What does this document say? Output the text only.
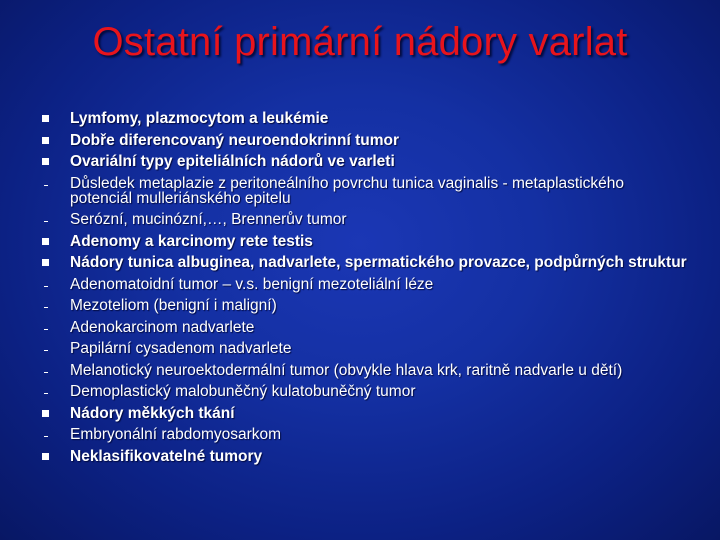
Ostatní primární nádory varlat
Lymfomy, plazmocytom a leukémie
Dobře diferencovaný neuroendokrinní tumor
Ovariální typy epiteliálních nádorů ve varleti
Důsledek metaplazie z peritoneálního povrchu tunica vaginalis - metaplastického potenciál mulleriánského epitelu
Serózní, mucinózní,…, Brennerův tumor
Adenomy a karcinomy rete testis
Nádory tunica albuginea, nadvarlete, spermatického provazce, podpůrných struktur
Adenomatoidní tumor – v.s. benigní mezoteliální léze
Mezoteliom (benigní i maligní)
Adenokarcinom nadvarlete
Papilární cysadenom nadvarlete
Melanotický neuroektodermální tumor (obvykle hlava krk, raritně nadvarle u dětí)
Demoplastický malobuněčný kulatobuněčný tumor
Nádory měkkých tkání
Embryonální rabdomyosarkom
Neklasifikovatelné tumory
